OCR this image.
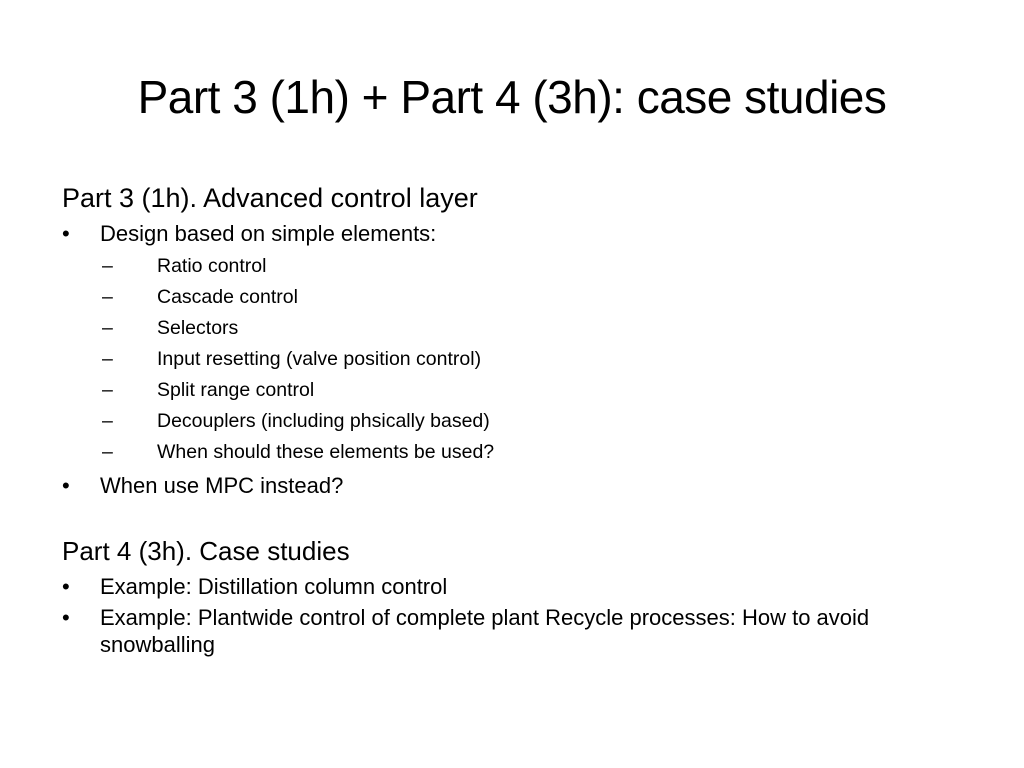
Part 3 (1h) + Part 4 (3h): case studies

Part 3 (1h). Advanced control layer

•	Design based on simple elements:
– Ratio control
– Cascade control
– Selectors
– Input resetting (valve position control)
– Split range control
– Decouplers (including phsically based)
– When should these elements be used?
•	When use MPC instead?

Part 4 (3h). Case studies

•	Example: Distillation column control
•	Example: Plantwide control of complete plant Recycle processes: How to avoid snowballing
